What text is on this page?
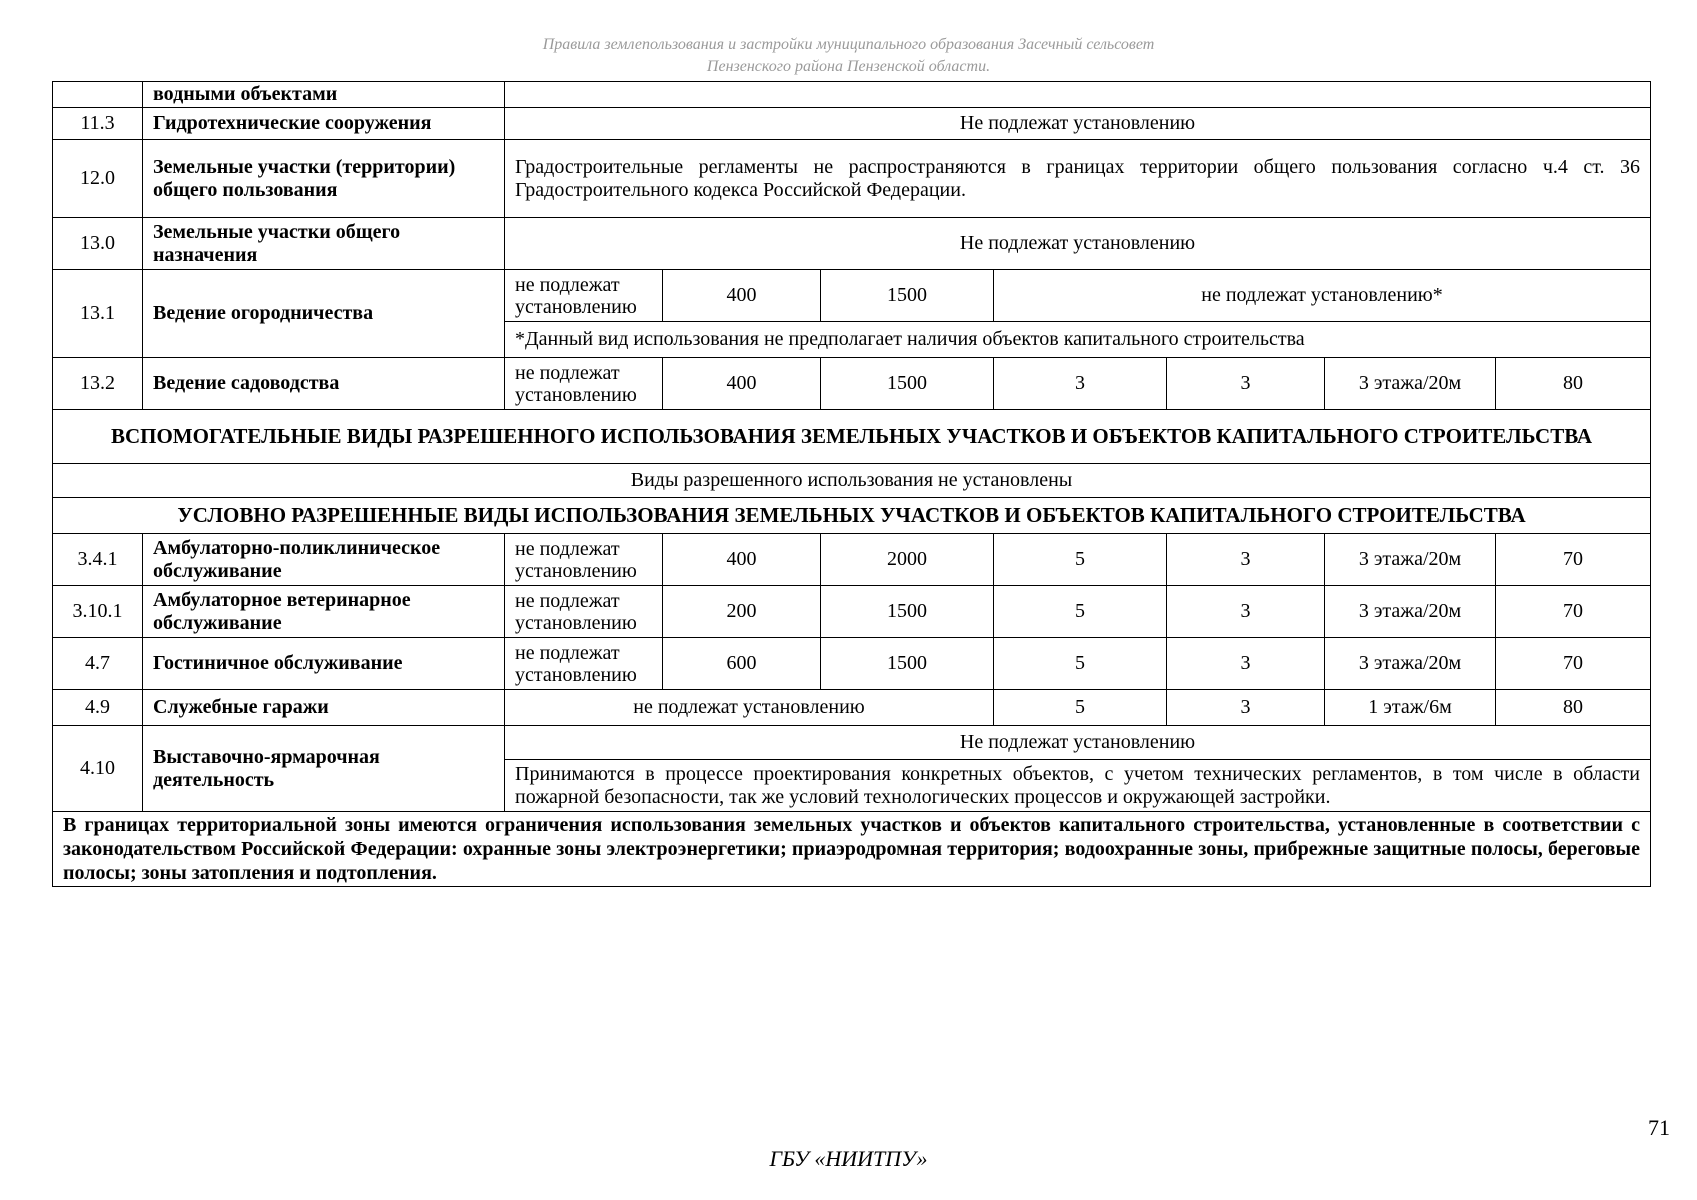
Правила землепользования и застройки муниципального образования Засечный сельсовет
Пензенского района Пензенской области.
	водными объектами							
11.3	Гидротехнические сооружения	Не подлежат установлению						
12.0	Земельные участки (территории) общего пользования	Градостроительные регламенты не распространяются в границах территории общего пользования согласно ч.4 ст. 36 Градостроительного кодекса Российской Федерации.						
13.0	Земельные участки общего назначения	Не подлежат установлению						
13.1	Ведение огородничества	не подлежат установлению	400	1500	не подлежат установлению*			
		*Данный вид использования не предполагает наличия объектов капитального строительства						
13.2	Ведение садоводства	не подлежат установлению	400	1500	3	3	3 этажа/20м	80
ВСПОМОГАТЕЛЬНЫЕ ВИДЫ РАЗРЕШЕННОГО ИСПОЛЬЗОВАНИЯ ЗЕМЕЛЬНЫХ УЧАСТКОВ И ОБЪЕКТОВ КАПИТАЛЬНОГО СТРОИТЕЛЬСТВА								
Виды разрешенного использования не установлены								
УСЛОВНО РАЗРЕШЕННЫЕ ВИДЫ ИСПОЛЬЗОВАНИЯ ЗЕМЕЛЬНЫХ УЧАСТКОВ И ОБЪЕКТОВ КАПИТАЛЬНОГО СТРОИТЕЛЬСТВА								
3.4.1	Амбулаторно-поликлиническое обслуживание	не подлежат установлению	400	2000	5	3	3 этажа/20м	70
3.10.1	Амбулаторное ветеринарное обслуживание	не подлежат установлению	200	1500	5	3	3 этажа/20м	70
4.7	Гостиничное обслуживание	не подлежат установлению	600	1500	5	3	3 этажа/20м	70
4.9	Служебные гаражи	не подлежат установлению			5	3	1 этаж/6м	80
4.10	Выставочно-ярмарочная деятельность	Не подлежат установлению						
		Принимаются в процессе проектирования конкретных объектов, с учетом технических регламентов, в том числе в области пожарной безопасности, так же условий технологических процессов и окружающей застройки.						
В границах территориальной зоны имеются ограничения использования земельных участков и объектов капитального строительства, установленные в соответствии с законодательством Российской Федерации: охранные зоны электроэнергетики; приаэродромная территория; водоохранные зоны, прибрежные защитные полосы, береговые полосы; зоны затопления и подтопления.								
71
ГБУ «НИИТПУ»
